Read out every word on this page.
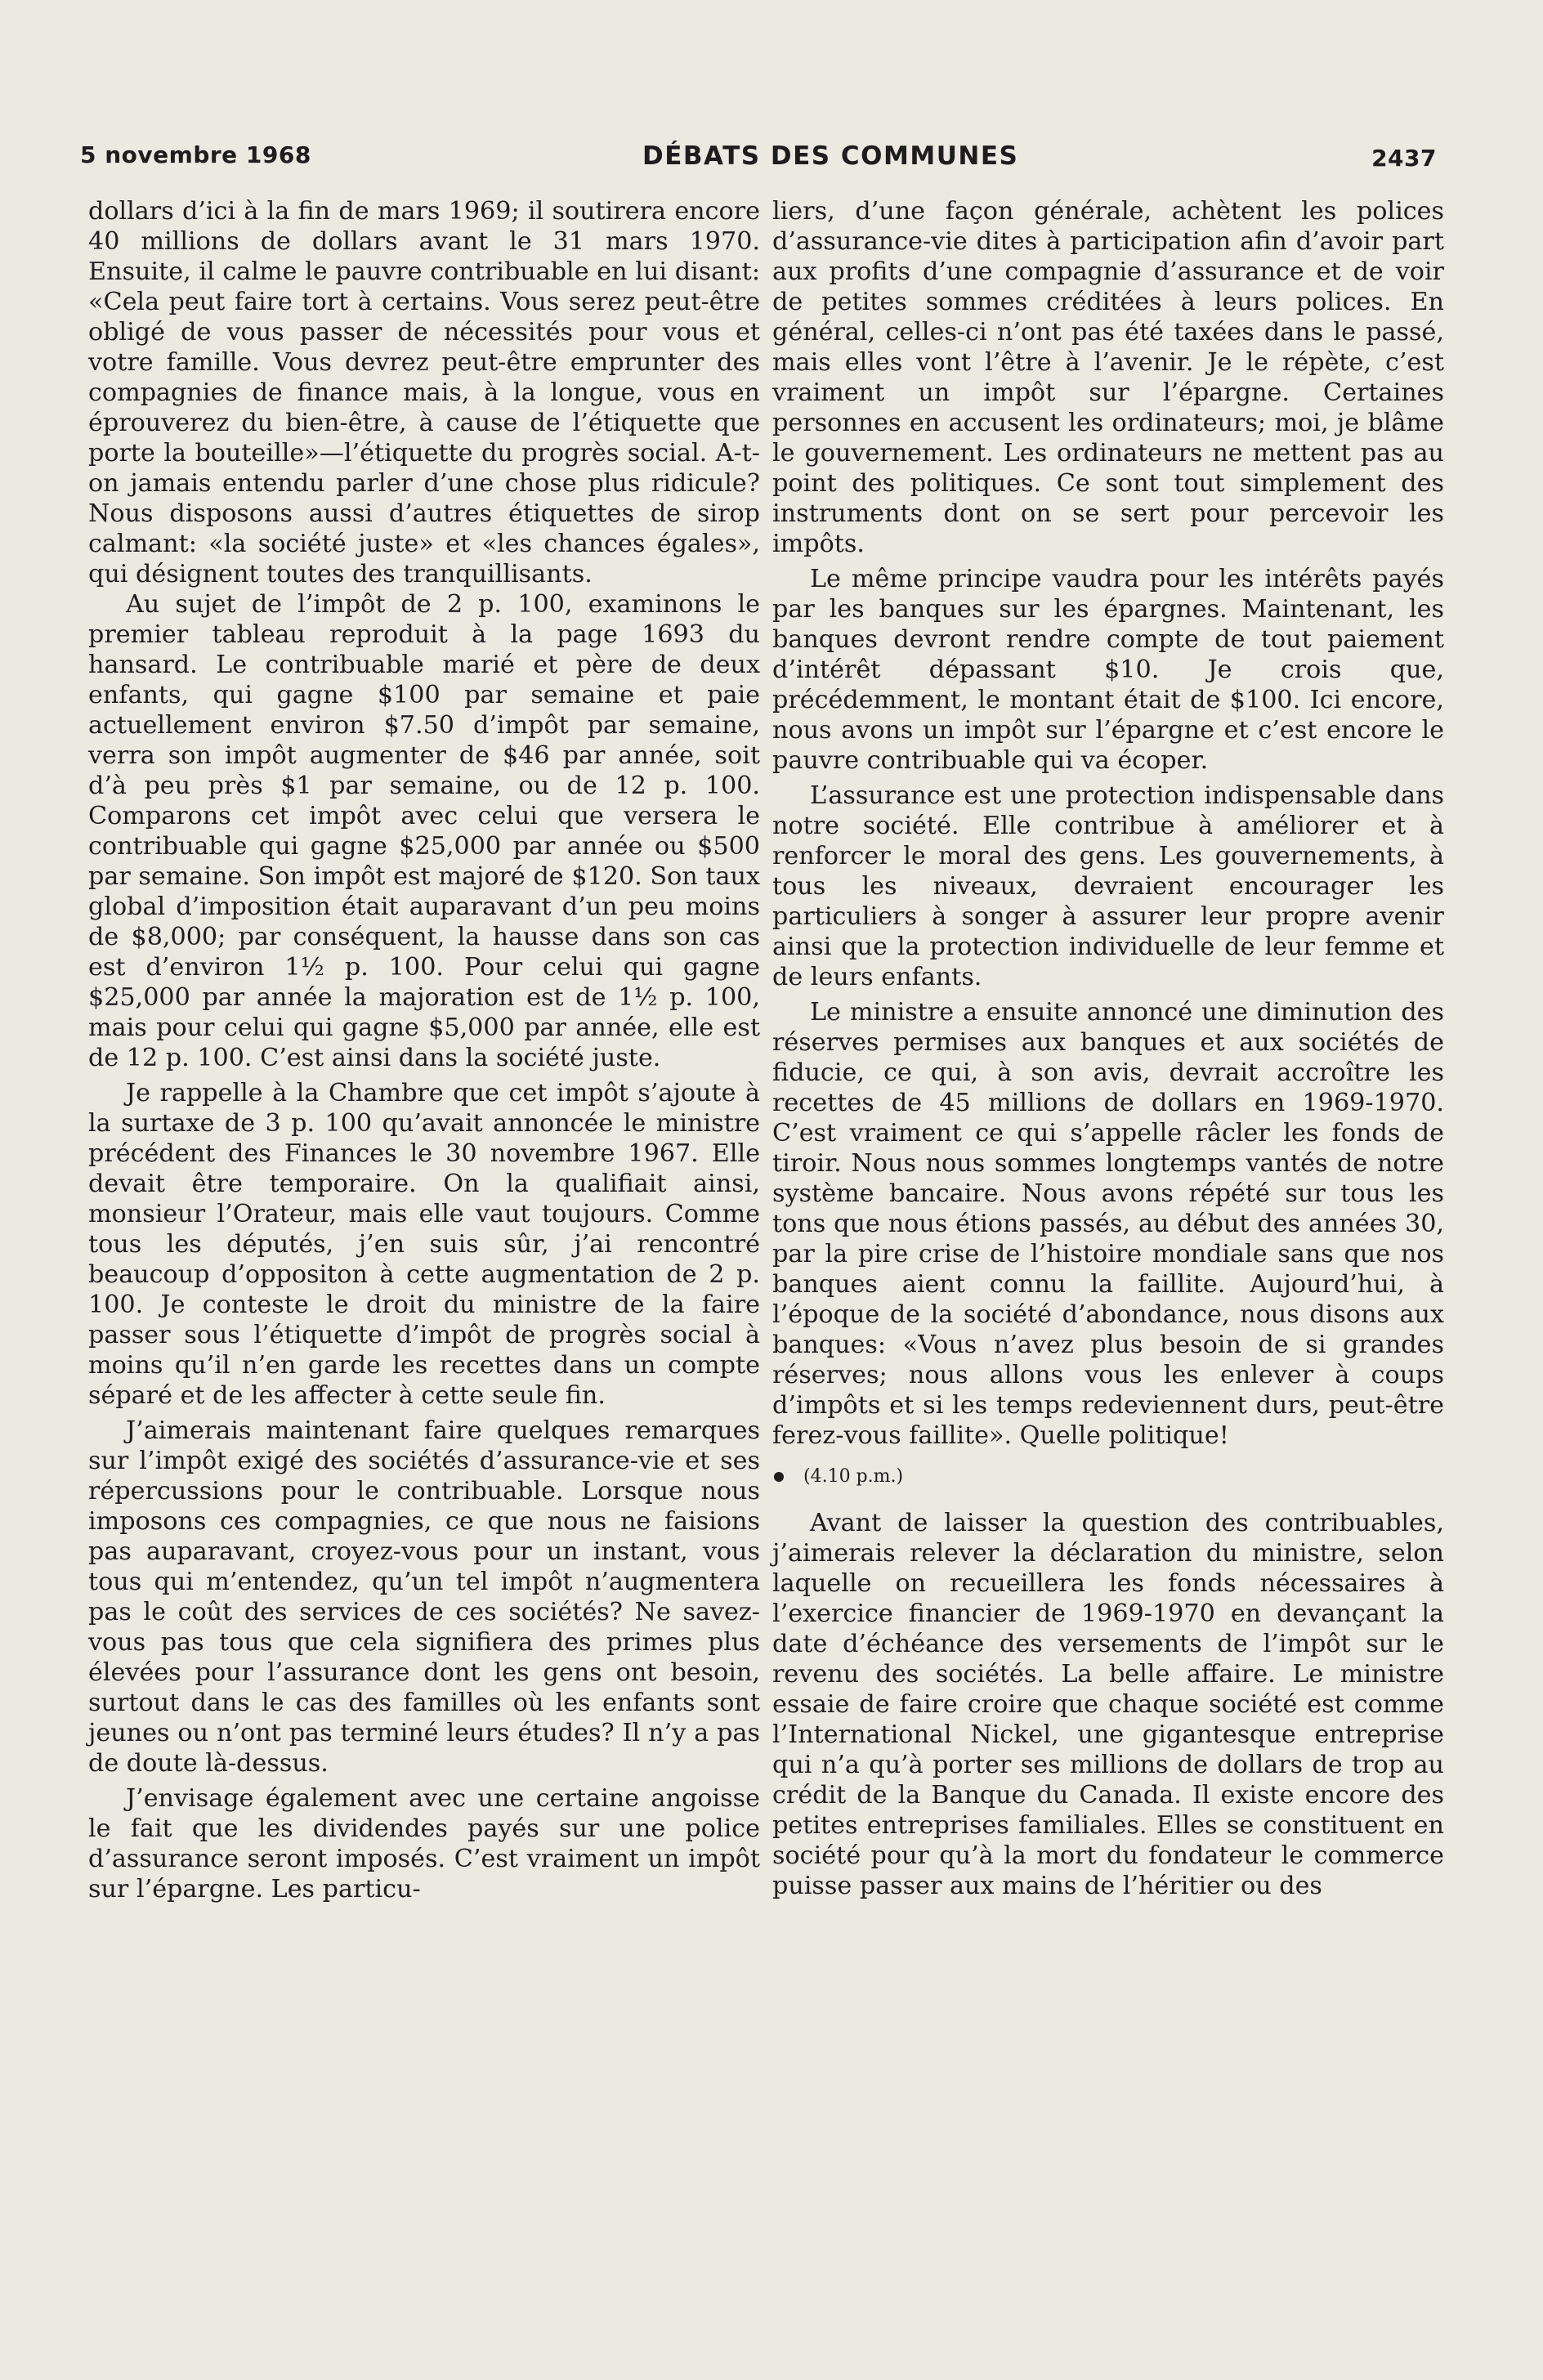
5 novembre 1968	DÉBATS DES COMMUNES	2437

dollars d’ici à la fin de mars 1969; il soutirera encore 40 millions de dollars avant le 31 mars 1970. Ensuite, il calme le pauvre contribuable en lui disant: «Cela peut faire tort à certains. Vous serez peut-être obligé de vous passer de nécessités pour vous et votre famille. Vous devrez peut-être emprunter des compagnies de finance mais, à la longue, vous en éprouverez du bien-être, à cause de l’étiquette que porte la bouteille»—l’étiquette du progrès social. A-t-on jamais entendu parler d’une chose plus ridicule? Nous disposons aussi d’autres étiquettes de sirop calmant: «la société juste» et «les chances égales», qui désignent toutes des tranquillisants.

Au sujet de l’impôt de 2 p. 100, examinons le premier tableau reproduit à la page 1693 du hansard. Le contribuable marié et père de deux enfants, qui gagne $100 par semaine et paie actuellement environ $7.50 d’impôt par semaine, verra son impôt augmenter de $46 par année, soit d’à peu près $1 par semaine, ou de 12 p. 100. Comparons cet impôt avec celui que versera le contribuable qui gagne $25,000 par année ou $500 par semaine. Son impôt est majoré de $120. Son taux global d’imposition était auparavant d’un peu moins de $8,000; par conséquent, la hausse dans son cas est d’environ 1½ p. 100. Pour celui qui gagne $25,000 par année la majoration est de 1½ p. 100, mais pour celui qui gagne $5,000 par année, elle est de 12 p. 100. C’est ainsi dans la société juste.

Je rappelle à la Chambre que cet impôt s’ajoute à la surtaxe de 3 p. 100 qu’avait annoncée le ministre précédent des Finances le 30 novembre 1967. Elle devait être temporaire. On la qualifiait ainsi, monsieur l’Orateur, mais elle vaut toujours. Comme tous les députés, j’en suis sûr, j’ai rencontré beaucoup d’oppositon à cette augmentation de 2 p. 100. Je conteste le droit du ministre de la faire passer sous l’étiquette d’impôt de progrès social à moins qu’il n’en garde les recettes dans un compte séparé et de les affecter à cette seule fin.

J’aimerais maintenant faire quelques remarques sur l’impôt exigé des sociétés d’assurance-vie et ses répercussions pour le contribuable. Lorsque nous imposons ces compagnies, ce que nous ne faisions pas auparavant, croyez-vous pour un instant, vous tous qui m’entendez, qu’un tel impôt n’augmentera pas le coût des services de ces sociétés? Ne savez-vous pas tous que cela signifiera des primes plus élevées pour l’assurance dont les gens ont besoin, surtout dans le cas des familles où les enfants sont jeunes ou n’ont pas terminé leurs études? Il n’y a pas de doute là-dessus.

J’envisage également avec une certaine angoisse le fait que les dividendes payés sur une police d’assurance seront imposés. C’est vraiment un impôt sur l’épargne. Les particu-

liers, d’une façon générale, achètent les polices d’assurance-vie dites à participation afin d’avoir part aux profits d’une compagnie d’assurance et de voir de petites sommes créditées à leurs polices. En général, celles-ci n’ont pas été taxées dans le passé, mais elles vont l’être à l’avenir. Je le répète, c’est vraiment un impôt sur l’épargne. Certaines personnes en accusent les ordinateurs; moi, je blâme le gouvernement. Les ordinateurs ne mettent pas au point des politiques. Ce sont tout simplement des instruments dont on se sert pour percevoir les impôts.

Le même principe vaudra pour les intérêts payés par les banques sur les épargnes. Maintenant, les banques devront rendre compte de tout paiement d’intérêt dépassant $10. Je crois que, précédemment, le montant était de $100. Ici encore, nous avons un impôt sur l’épargne et c’est encore le pauvre contribuable qui va écoper.

L’assurance est une protection indispensable dans notre société. Elle contribue à améliorer et à renforcer le moral des gens. Les gouvernements, à tous les niveaux, devraient encourager les particuliers à songer à assurer leur propre avenir ainsi que la protection individuelle de leur femme et de leurs enfants.

Le ministre a ensuite annoncé une diminution des réserves permises aux banques et aux sociétés de fiducie, ce qui, à son avis, devrait accroître les recettes de 45 millions de dollars en 1969-1970. C’est vraiment ce qui s’appelle râcler les fonds de tiroir. Nous nous sommes longtemps vantés de notre système bancaire. Nous avons répété sur tous les tons que nous étions passés, au début des années 30, par la pire crise de l’histoire mondiale sans que nos banques aient connu la faillite. Aujourd’hui, à l’époque de la société d’abondance, nous disons aux banques: «Vous n’avez plus besoin de si grandes réserves; nous allons vous les enlever à coups d’impôts et si les temps redeviennent durs, peut-être ferez-vous faillite». Quelle politique!

(4.10 p.m.)

Avant de laisser la question des contribuables, j’aimerais relever la déclaration du ministre, selon laquelle on recueillera les fonds nécessaires à l’exercice financier de 1969-1970 en devançant la date d’échéance des versements de l’impôt sur le revenu des sociétés. La belle affaire. Le ministre essaie de faire croire que chaque société est comme l’International Nickel, une gigantesque entreprise qui n’a qu’à porter ses millions de dollars de trop au crédit de la Banque du Canada. Il existe encore des petites entreprises familiales. Elles se constituent en société pour qu’à la mort du fondateur le commerce puisse passer aux mains de l’héritier ou des
